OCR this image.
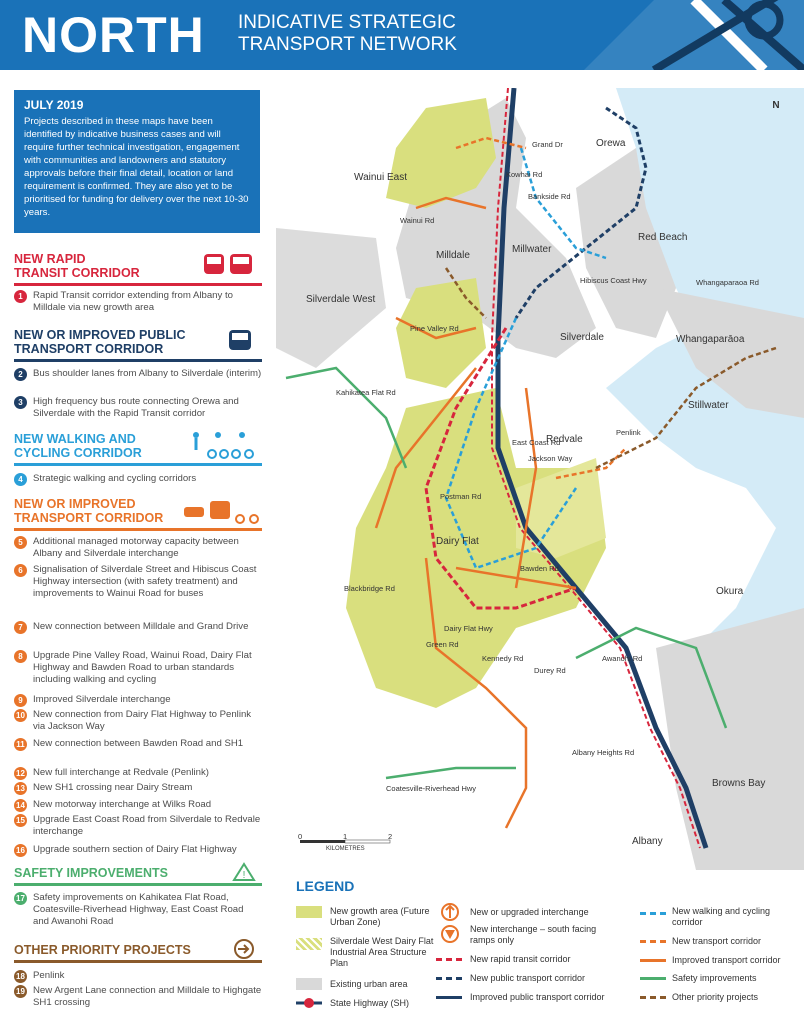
NORTH INDICATIVE STRATEGIC
TRANSPORT NETWORK
JULY 2019
Projects described in these maps have been identified by indicative business cases and will require further technical investigation, engagement with communities and landowners and statutory approvals before their final detail, location or land requirement is confirmed. They are also yet to be prioritised for funding for delivery over the next 10-30 years.
NEW RAPID
TRANSIT CORRIDOR
1	Rapid Transit corridor extending from Albany to Milldale via new growth area
NEW OR IMPROVED PUBLIC
TRANSPORT CORRIDOR
2	Bus shoulder lanes from Albany to Silverdale (interim)
3	High frequency bus route connecting Orewa and Silverdale with the Rapid Transit corridor
NEW WALKING AND
CYCLING CORRIDOR
4	Strategic walking and cycling corridors
NEW OR IMPROVED
TRANSPORT CORRIDOR
5	Additional managed motorway capacity between Albany and Silverdale interchange
6	Signalisation of Silverdale Street and Hibiscus Coast Highway intersection (with safety treatment) and improvements to Wainui Road for buses
7	New connection between Milldale and Grand Drive
8	Upgrade Pine Valley Road, Wainui Road, Dairy Flat Highway and Bawden Road to urban standards including walking and cycling
9	Improved Silverdale interchange
10 New connection from Dairy Flat Highway to Penlink via Jackson Way
11 New connection between Bawden Road and SH1
12 New full interchange at Redvale (Penlink)
13 New SH1 crossing near Dairy Stream
14 New motorway interchange at Wilks Road
15 Upgrade East Coast Road from Silverdale to Redvale interchange
16 Upgrade southern section of Dairy Flat Highway
SAFETY IMPROVEMENTS	!
17 Safety improvements on Kahikatea Flat Road, Coatesville-Riverhead Highway, East Coast Road and Awanohi Road
OTHER PRIORITY PROJECTS
18 Penlink
19 New Argent Lane connection and Milldale to Highgate SH1 crossing
N
Wainui East
Milldale
Millwater
Orewa
Red Beach
Silverdale West
Silverdale	Whangaparāoa
Stillwater
Redvale
Dairy Flat
Okura
Browns Bay
Albany
Wainui Rd
Grand Dr
Kowhai Rd
Bankside Rd
Hibiscus Coast Hwy	Whangaparaoa Rd
Pine Valley Rd
Kahikatea Flat Rd
East Coast Rd
Jackson Way
Penlink
Postman Rd
Blackbridge Rd
Bawden Rd
Dairy Flat Hwy
Green Rd
Kennedy Rd
Durey Rd
Awanohi Rd
Albany Heights Rd
Coatesville-Riverhead Hwy
0	1	2
KILOMETRES
LEGEND
New growth area (Future Urban Zone)
Silverdale West Dairy Flat Industrial Area Structure Plan
Existing urban area
State Highway (SH)
New or upgraded interchange
New interchange – south facing ramps only
New rapid transit corridor
New public transport corridor
Improved public transport corridor
New walking and cycling corridor
New transport corridor
Improved transport corridor
Safety improvements
Other priority projects
